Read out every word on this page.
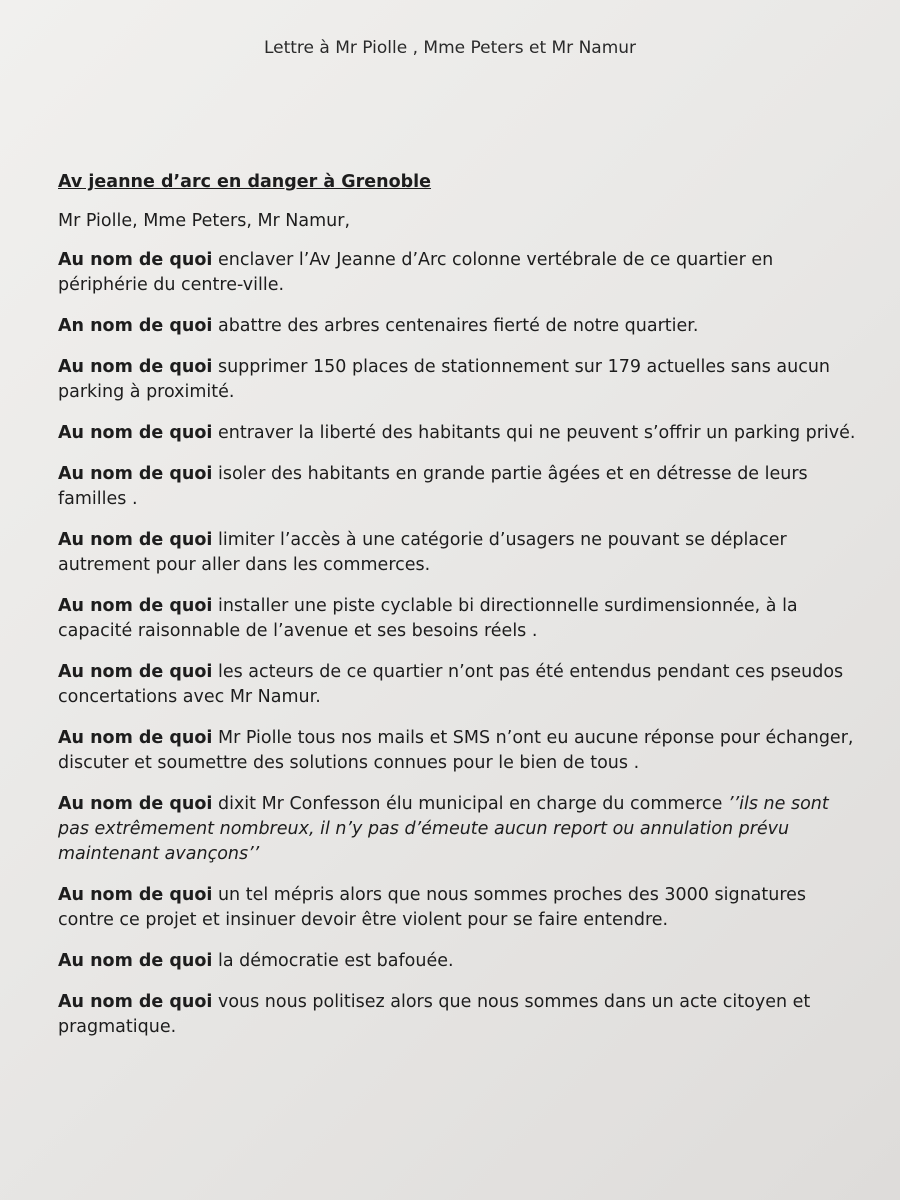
Lettre à Mr Piolle , Mme Peters et Mr Namur

Av jeanne d’arc en danger à Grenoble

Mr Piolle, Mme Peters, Mr Namur,

Au nom de quoi enclaver l’Av Jeanne d’Arc colonne vertébrale de ce quartier en périphérie du centre-ville.

An nom de quoi abattre des arbres centenaires fierté de notre quartier.

Au nom de quoi supprimer 150 places de stationnement sur 179 actuelles sans aucun parking à proximité.

Au nom de quoi entraver la liberté des habitants qui ne peuvent s’offrir un parking privé.

Au nom de quoi isoler des habitants en grande partie âgées et en détresse de leurs familles .

Au nom de quoi limiter l’accès à une catégorie d’usagers ne pouvant se déplacer autrement pour aller dans les commerces.

Au nom de quoi installer une piste cyclable bi directionnelle surdimensionnée, à la capacité raisonnable de l’avenue et ses besoins réels .

Au nom de quoi les acteurs de ce quartier n’ont pas été entendus pendant ces pseudos concertations avec Mr Namur.

Au nom de quoi Mr Piolle tous nos mails et SMS n’ont eu aucune réponse pour échanger, discuter et soumettre des solutions connues pour le bien de tous .

Au nom de quoi dixit Mr Confesson élu municipal en charge du commerce ’’ils ne sont pas extrêmement nombreux, il n’y pas d’émeute aucun report ou annulation prévu maintenant avançons’’

Au nom de quoi un tel mépris alors que nous sommes proches des 3000 signatures contre ce projet et insinuer devoir être violent pour se faire entendre.

Au nom de quoi la démocratie est bafouée.

Au nom de quoi vous nous politisez alors que nous sommes dans un acte citoyen et pragmatique.
